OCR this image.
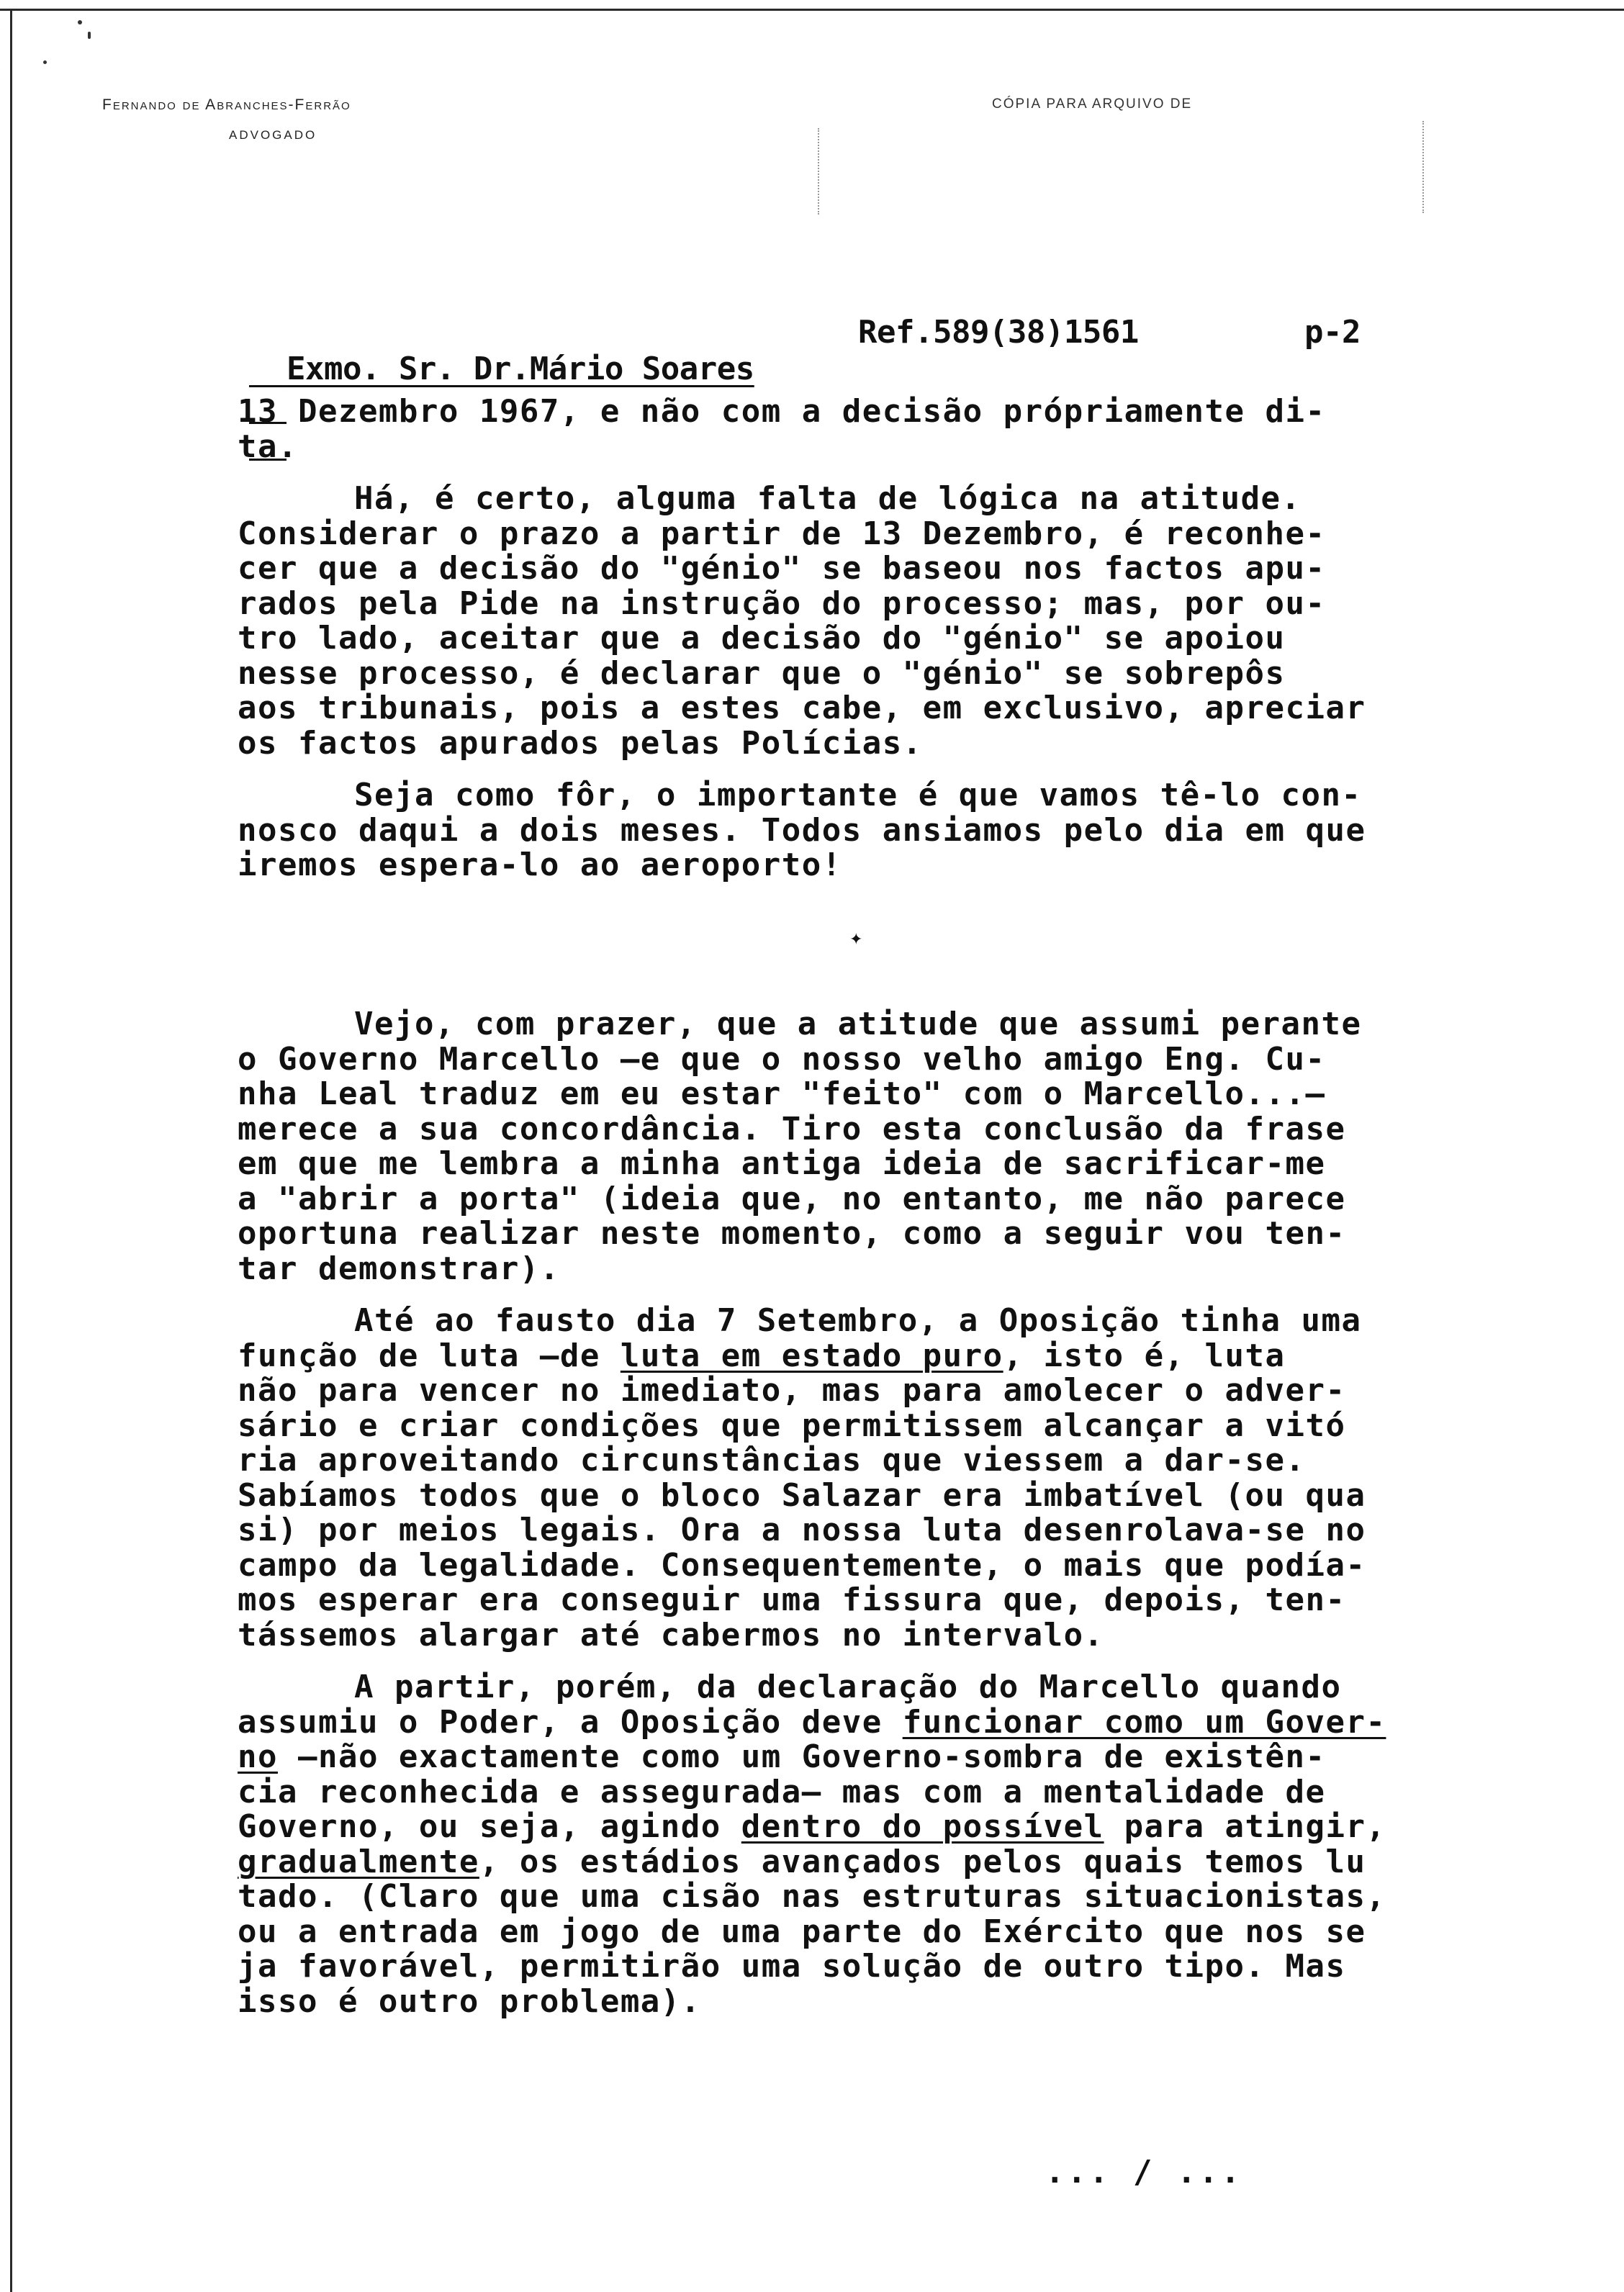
Fernando de Abranches-Ferrão
ADVOGADO
CÓPIA PARA ARQUIVO DE

Exmo. Sr. Dr.Mário Soares

Ref.589(38)1561

	p-2

13 Dezembro 1967, e não com a decisão própriamente di-
ta.

Há, é certo, alguma falta de lógica na atitude.
Considerar o prazo a partir de 13 Dezembro, é reconhe-
cer que a decisão do "génio" se baseou nos factos apu-
rados pela Pide na instrução do processo; mas, por ou-
tro lado, aceitar que a decisão do "génio" se apoiou
nesse processo, é declarar que o "génio" se sobrepôs
aos tribunais, pois a estes cabe, em exclusivo, apreciar
os factos apurados pelas Polícias.

Seja como fôr, o importante é que vamos tê-lo con-
nosco daqui a dois meses. Todos ansiamos pelo dia em que
iremos espera-lo ao aeroporto!

✦

Vejo, com prazer, que a atitude que assumi perante
o Governo Marcello —e que o nosso velho amigo Eng. Cu-
nha Leal traduz em eu estar "feito" com o Marcello...—
merece a sua concordância. Tiro esta conclusão da frase
em que me lembra a minha antiga ideia de sacrificar-me
a "abrir a porta" (ideia que, no entanto, me não parece
oportuna realizar neste momento, como a seguir vou ten-
tar demonstrar).

Até ao fausto dia 7 Setembro, a Oposição tinha uma
função de luta —de luta em estado puro, isto é, luta
não para vencer no imediato, mas para amolecer o adver-
sário e criar condições que permitissem alcançar a vitó
ria aproveitando circunstâncias que viessem a dar-se.
Sabíamos todos que o bloco Salazar era imbatível (ou qua
si) por meios legais. Ora a nossa luta desenrolava-se no
campo da legalidade. Consequentemente, o mais que podía-
mos esperar era conseguir uma fissura que, depois, ten-
tássemos alargar até cabermos no intervalo.

A partir, porém, da declaração do Marcello quando
assumiu o Poder, a Oposição deve funcionar como um Gover-
no —não exactamente como um Governo-sombra de existên-
cia reconhecida e assegurada— mas com a mentalidade de
Governo, ou seja, agindo dentro do possível para atingir,
gradualmente, os estádios avançados pelos quais temos lu
tado. (Claro que uma cisão nas estruturas situacionistas,
ou a entrada em jogo de uma parte do Exército que nos se
ja favorável, permitirão uma solução de outro tipo. Mas
isso é outro problema).

... / ...
